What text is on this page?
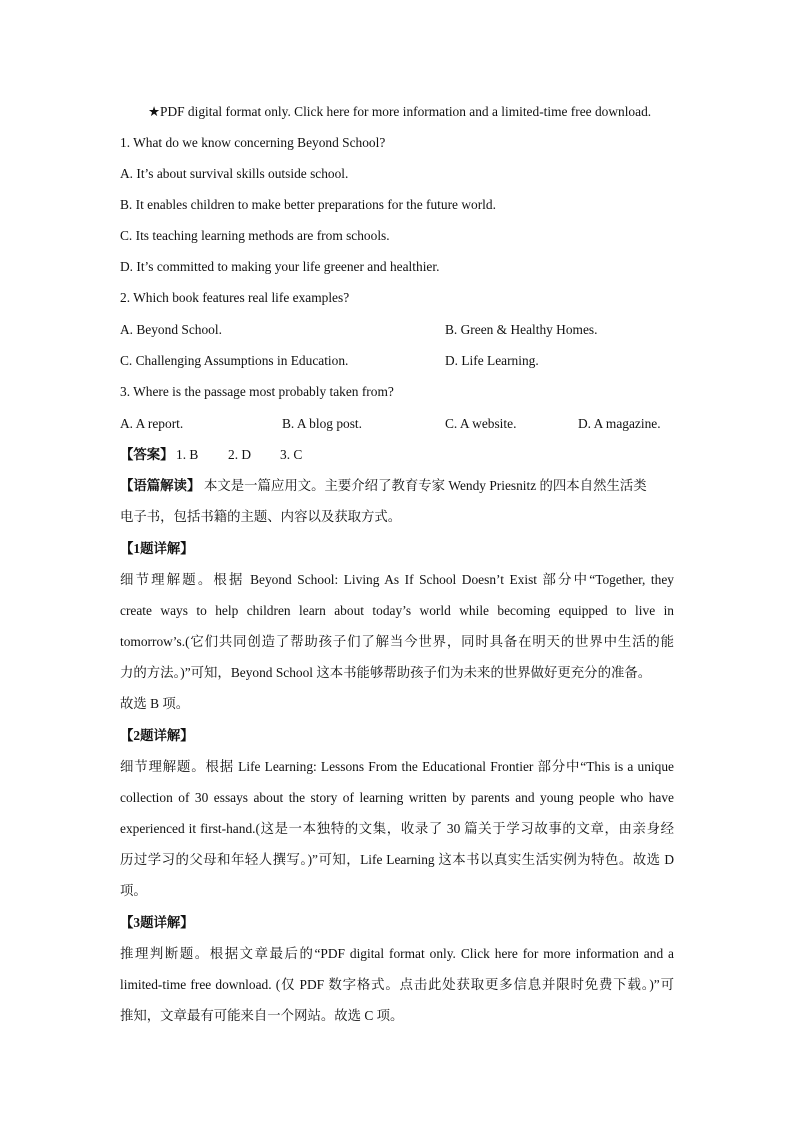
★PDF digital format only. Click here for more information and a limited-time free download.
1. What do we know concerning Beyond School?
A. It’s about survival skills outside school.
B. It enables children to make better preparations for the future world.
C. Its teaching learning methods are from schools.
D. It’s committed to making your life greener and healthier.
2. Which book features real life examples?
A. Beyond School.	B. Green & Healthy Homes.
C. Challenging Assumptions in Education.	D. Life Learning.
3. Where is the passage most probably taken from?
A. A report.	B. A blog post.	C. A website.	D. A magazine.
【答案】 1. B 2. D 3. C
【语篇解读】 本文是一篇应用文。主要介绍了教育专家 Wendy Priesnitz 的四本自然生活类
电子书，包括书籍的主题、内容以及获取方式。
【1题详解】
细节理解题。根据 Beyond School: Living As If School Doesn’t Exist 部分中“Together, they
create ways to help children learn about today’s world while becoming equipped to live in
tomorrow’s.(它们共同创造了帮助孩子们了解当今世界，同时具备在明天的世界中生活的能
力的方法。)”可知，Beyond School 这本书能够帮助孩子们为未来的世界做好更充分的准备。
故选 B 项。
【2题详解】
细节理解题。根据 Life Learning: Lessons From the Educational Frontier 部分中“This is a unique
collection of 30 essays about the story of learning written by parents and young people who have
experienced it first-hand.(这是一本独特的文集，收录了 30 篇关于学习故事的文章，由亲身经
历过学习的父母和年轻人撰写。)”可知，Life Learning 这本书以真实生活实例为特色。故选 D
项。
【3题详解】
推理判断题。根据文章最后的“PDF digital format only. Click here for more information and a
limited-time free download. (仅 PDF 数字格式。点击此处获取更多信息并限时免费下载。)”可
推知，文章最有可能来自一个网站。故选 C 项。
